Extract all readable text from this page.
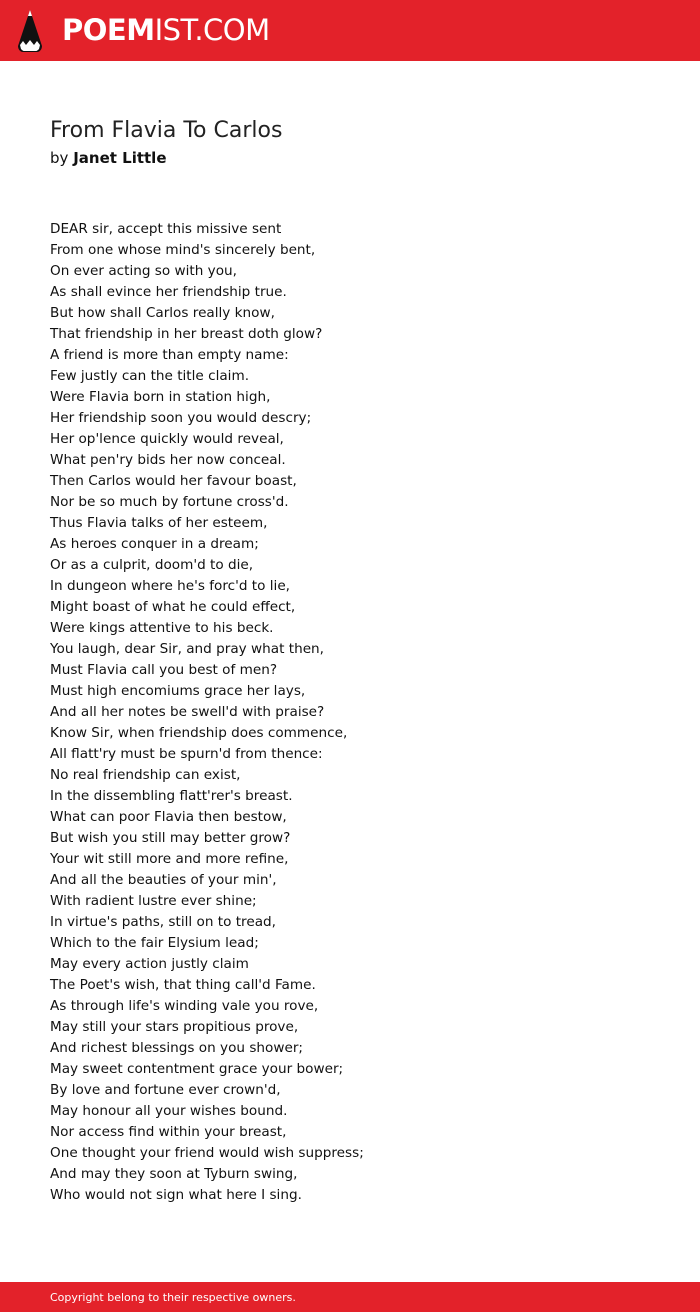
POEMIST.COM
From Flavia To Carlos
by Janet Little
DEAR sir, accept this missive sent
From one whose mind's sincerely bent,
On ever acting so with you,
As shall evince her friendship true.
But how shall Carlos really know,
That friendship in her breast doth glow?
A friend is more than empty name:
Few justly can the title claim.
Were Flavia born in station high,
Her friendship soon you would descry;
Her op'lence quickly would reveal,
What pen'ry bids her now conceal.
Then Carlos would her favour boast,
Nor be so much by fortune cross'd.
Thus Flavia talks of her esteem,
As heroes conquer in a dream;
Or as a culprit, doom'd to die,
In dungeon where he's forc'd to lie,
Might boast of what he could effect,
Were kings attentive to his beck.
You laugh, dear Sir, and pray what then,
Must Flavia call you best of men?
Must high encomiums grace her lays,
And all her notes be swell'd with praise?
Know Sir, when friendship does commence,
All flatt'ry must be spurn'd from thence:
No real friendship can exist,
In the dissembling flatt'rer's breast.
What can poor Flavia then bestow,
But wish you still may better grow?
Your wit still more and more refine,
And all the beauties of your min',
With radient lustre ever shine;
In virtue's paths, still on to tread,
Which to the fair Elysium lead;
May every action justly claim
The Poet's wish, that thing call'd Fame.
As through life's winding vale you rove,
May still your stars propitious prove,
And richest blessings on you shower;
May sweet contentment grace your bower;
By love and fortune ever crown'd,
May honour all your wishes bound.
Nor access find within your breast,
One thought your friend would wish suppress;
And may they soon at Tyburn swing,
Who would not sign what here I sing.
Copyright belong to their respective owners.
